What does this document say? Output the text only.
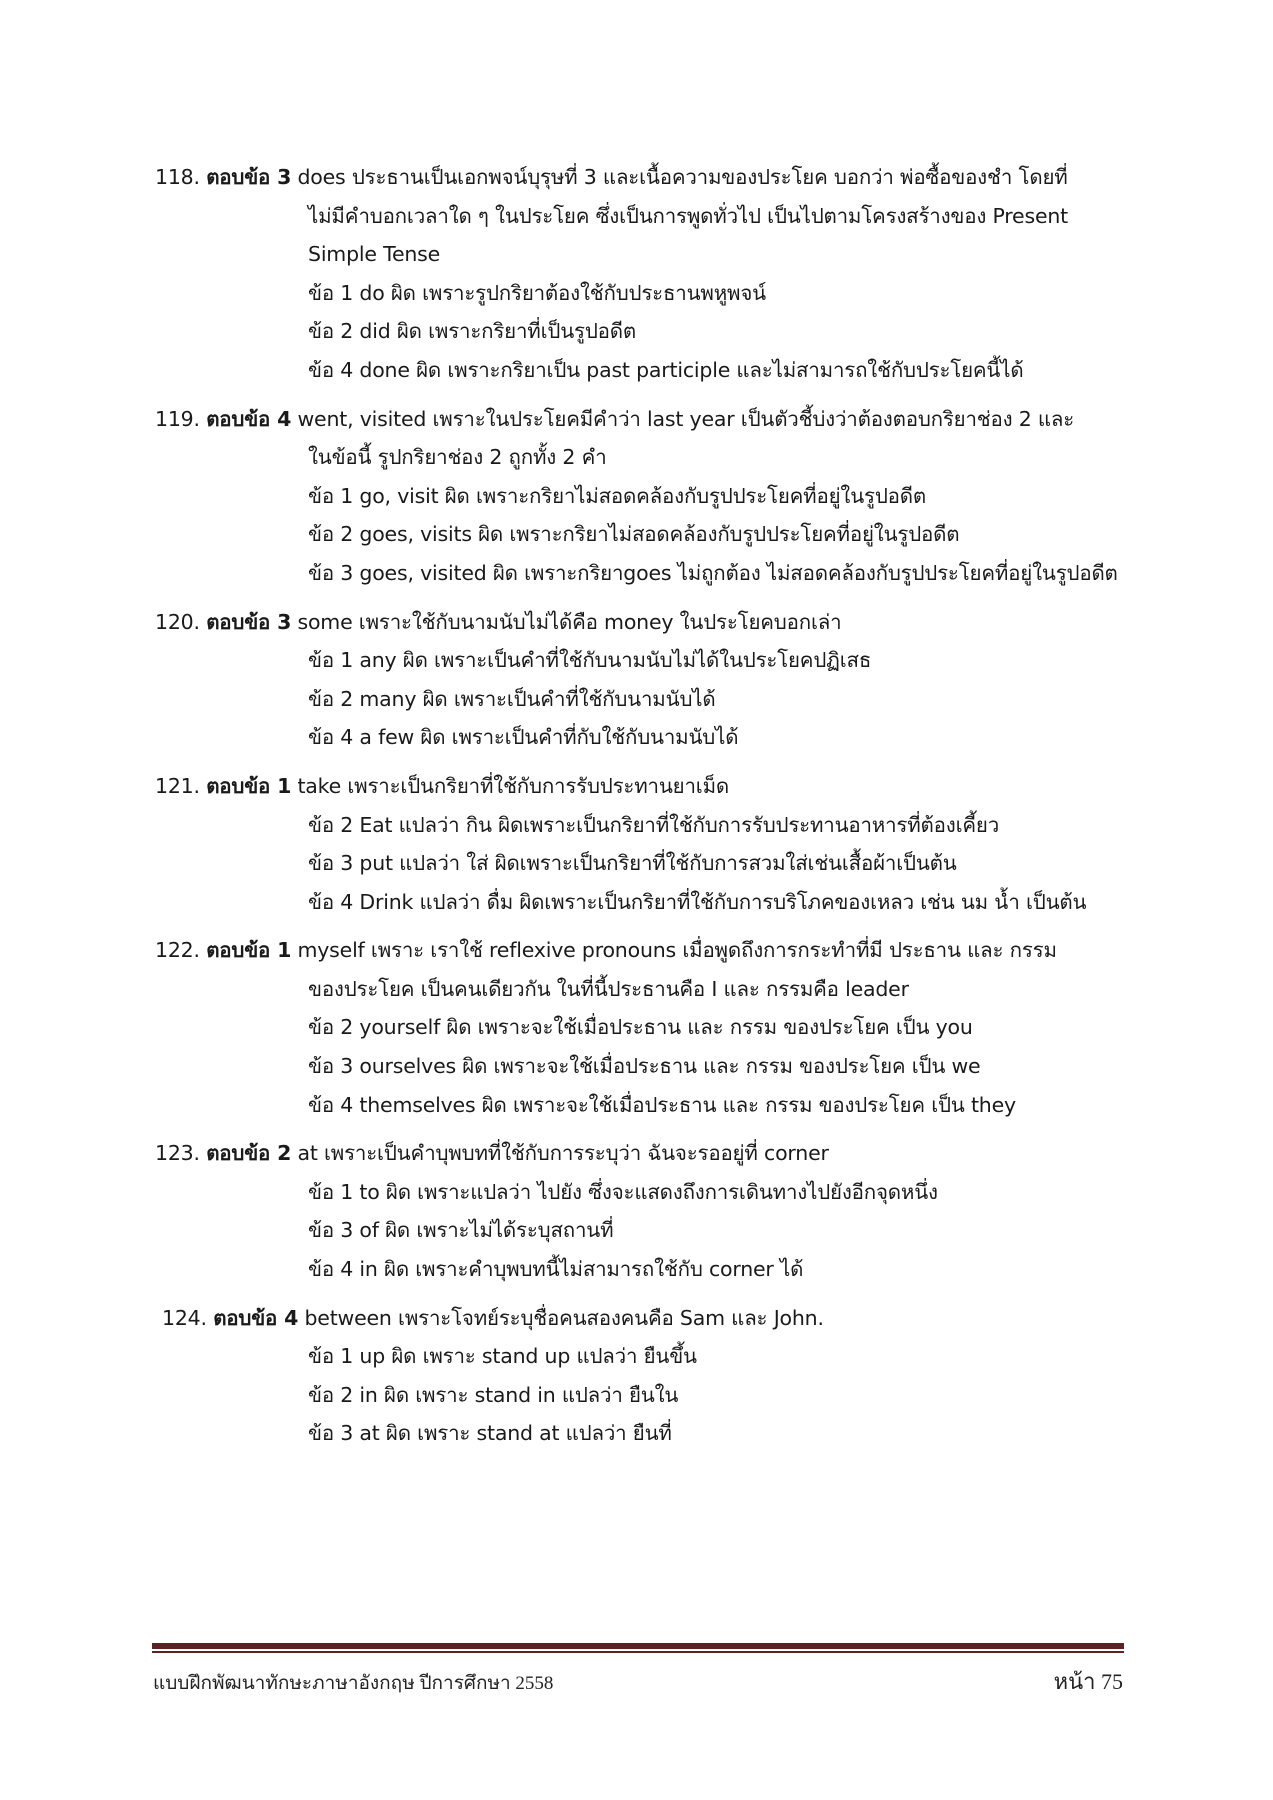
118. ตอบข้อ 3 does ประธานเป็นเอกพจน์บุรุษที่ 3 และเนื้อความของประโยค บอกว่า พ่อซื้อของชำ โดยที่
ไม่มีคำบอกเวลาใด ๆ ในประโยค ซึ่งเป็นการพูดทั่วไป เป็นไปตามโครงสร้างของ Present
Simple Tense
ข้อ 1 do ผิด เพราะรูปกริยาต้องใช้กับประธานพหูพจน์
ข้อ 2 did ผิด เพราะกริยาที่เป็นรูปอดีต
ข้อ 4 done ผิด เพราะกริยาเป็น past participle และไม่สามารถใช้กับประโยคนี้ได้
119. ตอบข้อ 4 went, visited เพราะในประโยคมีคำว่า last year เป็นตัวชี้บ่งว่าต้องตอบกริยาช่อง 2 และ
ในข้อนี้ รูปกริยาช่อง 2 ถูกทั้ง 2 คำ
ข้อ 1 go, visit ผิด เพราะกริยาไม่สอดคล้องกับรูปประโยคที่อยู่ในรูปอดีต
ข้อ 2 goes, visits ผิด เพราะกริยาไม่สอดคล้องกับรูปประโยคที่อยู่ในรูปอดีต
ข้อ 3 goes, visited ผิด เพราะกริยาgoes ไม่ถูกต้อง ไม่สอดคล้องกับรูปประโยคที่อยู่ในรูปอดีต
120. ตอบข้อ 3 some เพราะใช้กับนามนับไม่ได้คือ money ในประโยคบอกเล่า
ข้อ 1 any ผิด เพราะเป็นคำที่ใช้กับนามนับไม่ได้ในประโยคปฏิเสธ
ข้อ 2 many ผิด เพราะเป็นคำที่ใช้กับนามนับได้
ข้อ 4 a few ผิด เพราะเป็นคำที่กับใช้กับนามนับได้
121. ตอบข้อ 1 take เพราะเป็นกริยาที่ใช้กับการรับประทานยาเม็ด
ข้อ 2 Eat แปลว่า กิน ผิดเพราะเป็นกริยาที่ใช้กับการรับประทานอาหารที่ต้องเคี้ยว
ข้อ 3 put แปลว่า ใส่ ผิดเพราะเป็นกริยาที่ใช้กับการสวมใส่เช่นเสื้อผ้าเป็นต้น
ข้อ 4 Drink แปลว่า ดื่ม ผิดเพราะเป็นกริยาที่ใช้กับการบริโภคของเหลว เช่น นม น้ำ เป็นต้น
122. ตอบข้อ 1 myself เพราะ เราใช้ reflexive pronouns เมื่อพูดถึงการกระทำที่มี ประธาน และ กรรม
ของประโยค เป็นคนเดียวกัน ในที่นี้ประธานคือ I และ กรรมคือ leader
ข้อ 2 yourself ผิด เพราะจะใช้เมื่อประธาน และ กรรม ของประโยค เป็น you
ข้อ 3 ourselves ผิด เพราะจะใช้เมื่อประธาน และ กรรม ของประโยค เป็น we
ข้อ 4 themselves ผิด เพราะจะใช้เมื่อประธาน และ กรรม ของประโยค เป็น they
123. ตอบข้อ 2 at เพราะเป็นคำบุพบทที่ใช้กับการระบุว่า ฉันจะรออยู่ที่ corner
ข้อ 1 to ผิด เพราะแปลว่า ไปยัง ซึ่งจะแสดงถึงการเดินทางไปยังอีกจุดหนึ่ง
ข้อ 3 of ผิด เพราะไม่ได้ระบุสถานที่
ข้อ 4 in ผิด เพราะคำบุพบทนี้ไม่สามารถใช้กับ corner ได้
124. ตอบข้อ 4 between เพราะโจทย์ระบุชื่อคนสองคนคือ Sam และ John.
ข้อ 1 up ผิด เพราะ stand up แปลว่า ยืนขึ้น
ข้อ 2 in ผิด เพราะ stand in แปลว่า ยืนใน
ข้อ 3 at ผิด เพราะ stand at แปลว่า ยืนที่
แบบฝึกพัฒนาทักษะภาษาอังกฤษ ปีการศึกษา 2558	หน้า 75
